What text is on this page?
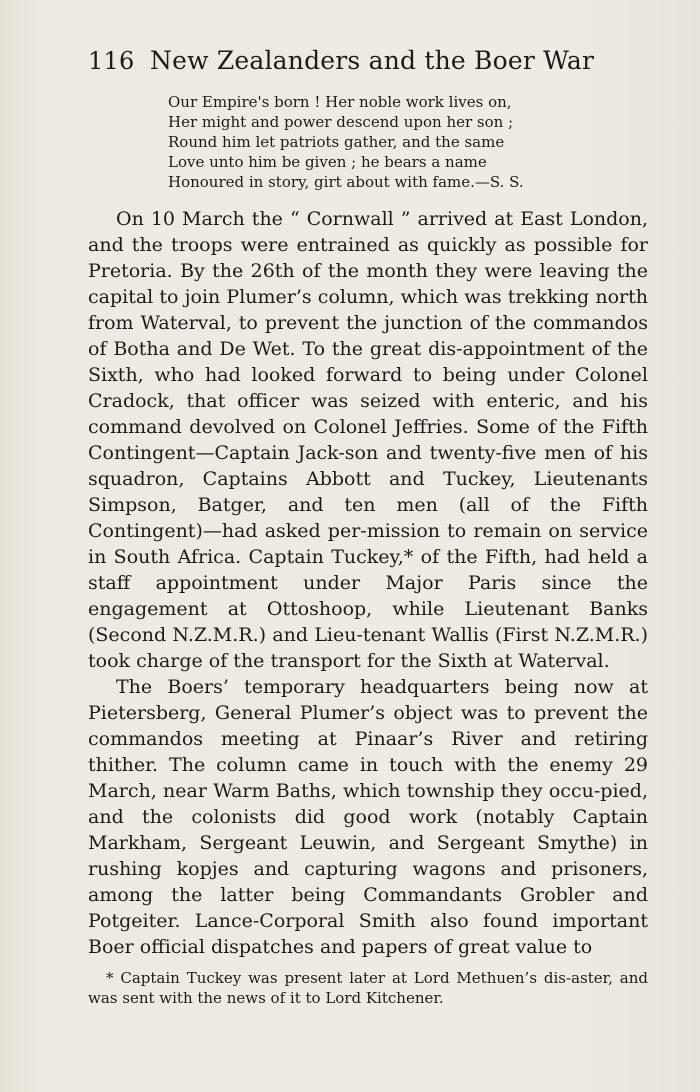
116 New Zealanders and the Boer War
Our Empire's born ! Her noble work lives on,
Her might and power descend upon her son ;
Round him let patriots gather, and the same
Love unto him be given ; he bears a name
Honoured in story, girt about with fame.—S. S.

On 10 March the “ Cornwall ” arrived at East London, and the troops were entrained as quickly as possible for Pretoria. By the 26th of the month they were leaving the capital to join Plumer’s column, which was trekking north from Waterval, to prevent the junction of the commandos of Botha and De Wet. To the great dis-appointment of the Sixth, who had looked forward to being under Colonel Cradock, that officer was seized with enteric, and his command devolved on Colonel Jeffries. Some of the Fifth Contingent—Captain Jack-son and twenty-five men of his squadron, Captains Abbott and Tuckey, Lieutenants Simpson, Batger, and ten men (all of the Fifth Contingent)—had asked per-mission to remain on service in South Africa. Captain Tuckey,* of the Fifth, had held a staff appointment under Major Paris since the engagement at Ottoshoop, while Lieutenant Banks (Second N.Z.M.R.) and Lieu-tenant Wallis (First N.Z.M.R.) took charge of the transport for the Sixth at Waterval.

The Boers’ temporary headquarters being now at Pietersberg, General Plumer’s object was to prevent the commandos meeting at Pinaar’s River and retiring thither. The column came in touch with the enemy 29 March, near Warm Baths, which township they occu-pied, and the colonists did good work (notably Captain Markham, Sergeant Leuwin, and Sergeant Smythe) in rushing kopjes and capturing wagons and prisoners, among the latter being Commandants Grobler and Potgeiter. Lance-Corporal Smith also found important Boer official dispatches and papers of great value to

* Captain Tuckey was present later at Lord Methuen’s dis-aster, and was sent with the news of it to Lord Kitchener.
